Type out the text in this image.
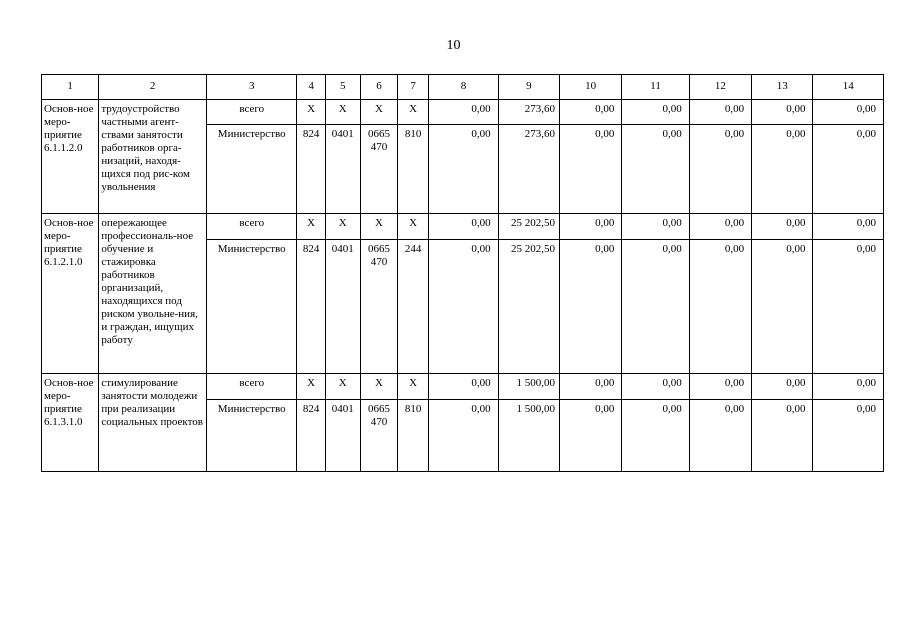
10
1	2	3	4	5	6	7	8	9	10	11	12	13	14

Основ-ное меро-приятие 6.1.1.2.0	трудоустройство частными агент-ствами занятости работников орга-низаций, находя-щихся под рис-ком увольнения	всего	X	X	X	X	0,00	273,60	0,00	0,00	0,00	0,00	0,00
		Министерство	824	0401	0665 470	810	0,00	273,60	0,00	0,00	0,00	0,00	0,00
Основ-ное меро-приятие 6.1.2.1.0	опережающее профессиональ-ное обучение и стажировка работников организаций, находящихся под риском увольне-ния, и граждан, ищущих работу	всего	X	X	X	X	0,00	25 202,50	0,00	0,00	0,00	0,00	0,00
		Министерство	824	0401	0665 470	244	0,00	25 202,50	0,00	0,00	0,00	0,00	0,00
Основ-ное меро-приятие 6.1.3.1.0	стимулирование занятости молодежи при реализации социальных проектов	всего	X	X	X	X	0,00	1 500,00	0,00	0,00	0,00	0,00	0,00
		Министерство	824	0401	0665 470	810	0,00	1 500,00	0,00	0,00	0,00	0,00	0,00
